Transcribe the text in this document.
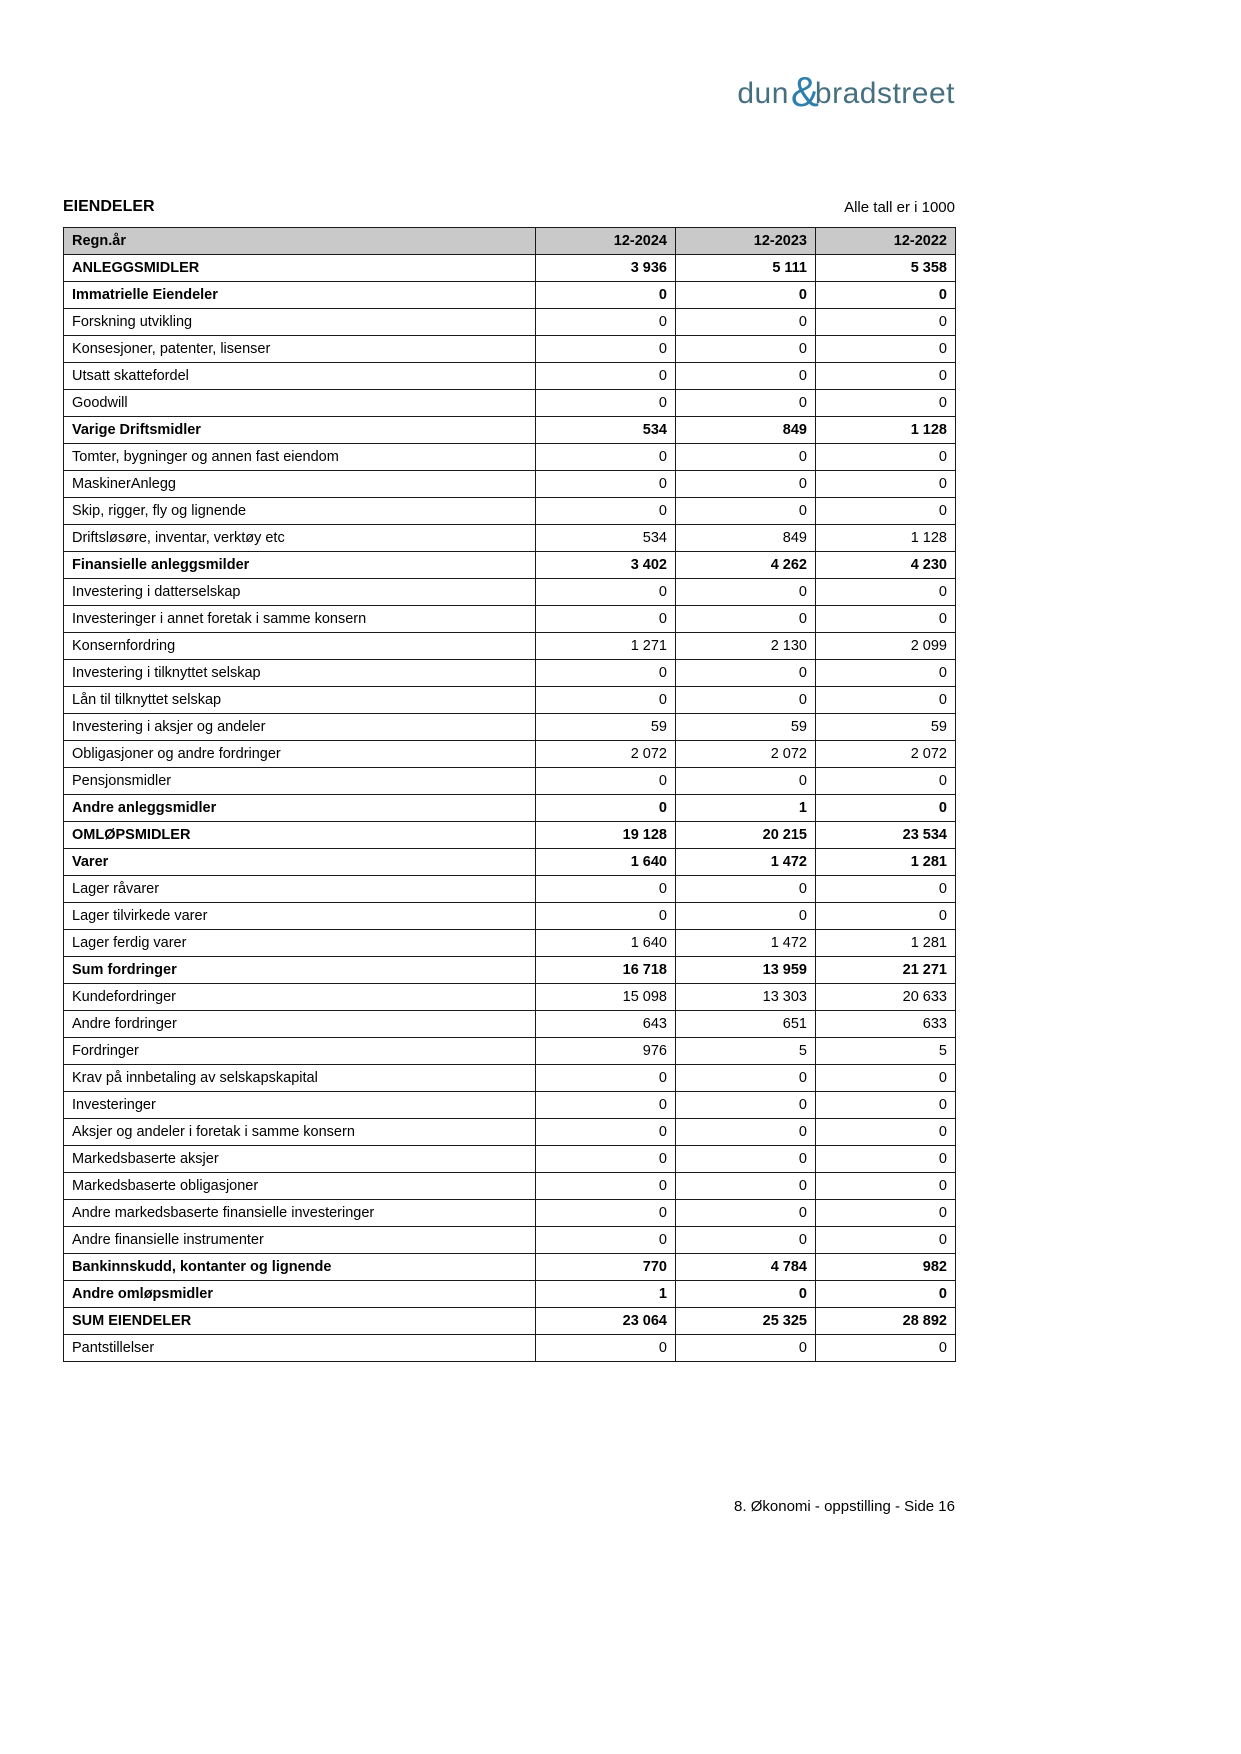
dun &
bradstreet
EIENDELER	Alle tall er i 1000
Regn.år	12-2024	12-2023	12-2022
ANLEGGSMIDLER	3 936	5 111	5 358
Immatrielle Eiendeler	0	0	0
Forskning utvikling	0	0	0
Konsesjoner, patenter, lisenser	0	0	0
Utsatt skattefordel	0	0	0
Goodwill	0	0	0
Varige Driftsmidler	534	849	1 128
Tomter, bygninger og annen fast eiendom	0	0	0
MaskinerAnlegg	0	0	0
Skip, rigger, fly og lignende	0	0	0
Driftsløsøre, inventar, verktøy etc	534	849	1 128
Finansielle anleggsmilder	3 402	4 262	4 230
Investering i datterselskap	0	0	0
Investeringer i annet foretak i samme konsern	0	0	0
Konsernfordring	1 271	2 130	2 099
Investering i tilknyttet selskap	0	0	0
Lån til tilknyttet selskap	0	0	0
Investering i aksjer og andeler	59	59	59
Obligasjoner og andre fordringer	2 072	2 072	2 072
Pensjonsmidler	0	0	0
Andre anleggsmidler	0	1	0
OMLØPSMIDLER	19 128	20 215	23 534
Varer	1 640	1 472	1 281
Lager råvarer	0	0	0
Lager tilvirkede varer	0	0	0
Lager ferdig varer	1 640	1 472	1 281
Sum fordringer	16 718	13 959	21 271
Kundefordringer	15 098	13 303	20 633
Andre fordringer	643	651	633
Fordringer	976	5	5
Krav på innbetaling av selskapskapital	0	0	0
Investeringer	0	0	0
Aksjer og andeler i foretak i samme konsern	0	0	0
Markedsbaserte aksjer	0	0	0
Markedsbaserte obligasjoner	0	0	0
Andre markedsbaserte finansielle investeringer	0	0	0
Andre finansielle instrumenter	0	0	0
Bankinnskudd, kontanter og lignende	770	4 784	982
Andre omløpsmidler	1	0	0
SUM EIENDELER	23 064	25 325	28 892
Pantstillelser	0	0	0
8. Økonomi - oppstilling - Side 16
